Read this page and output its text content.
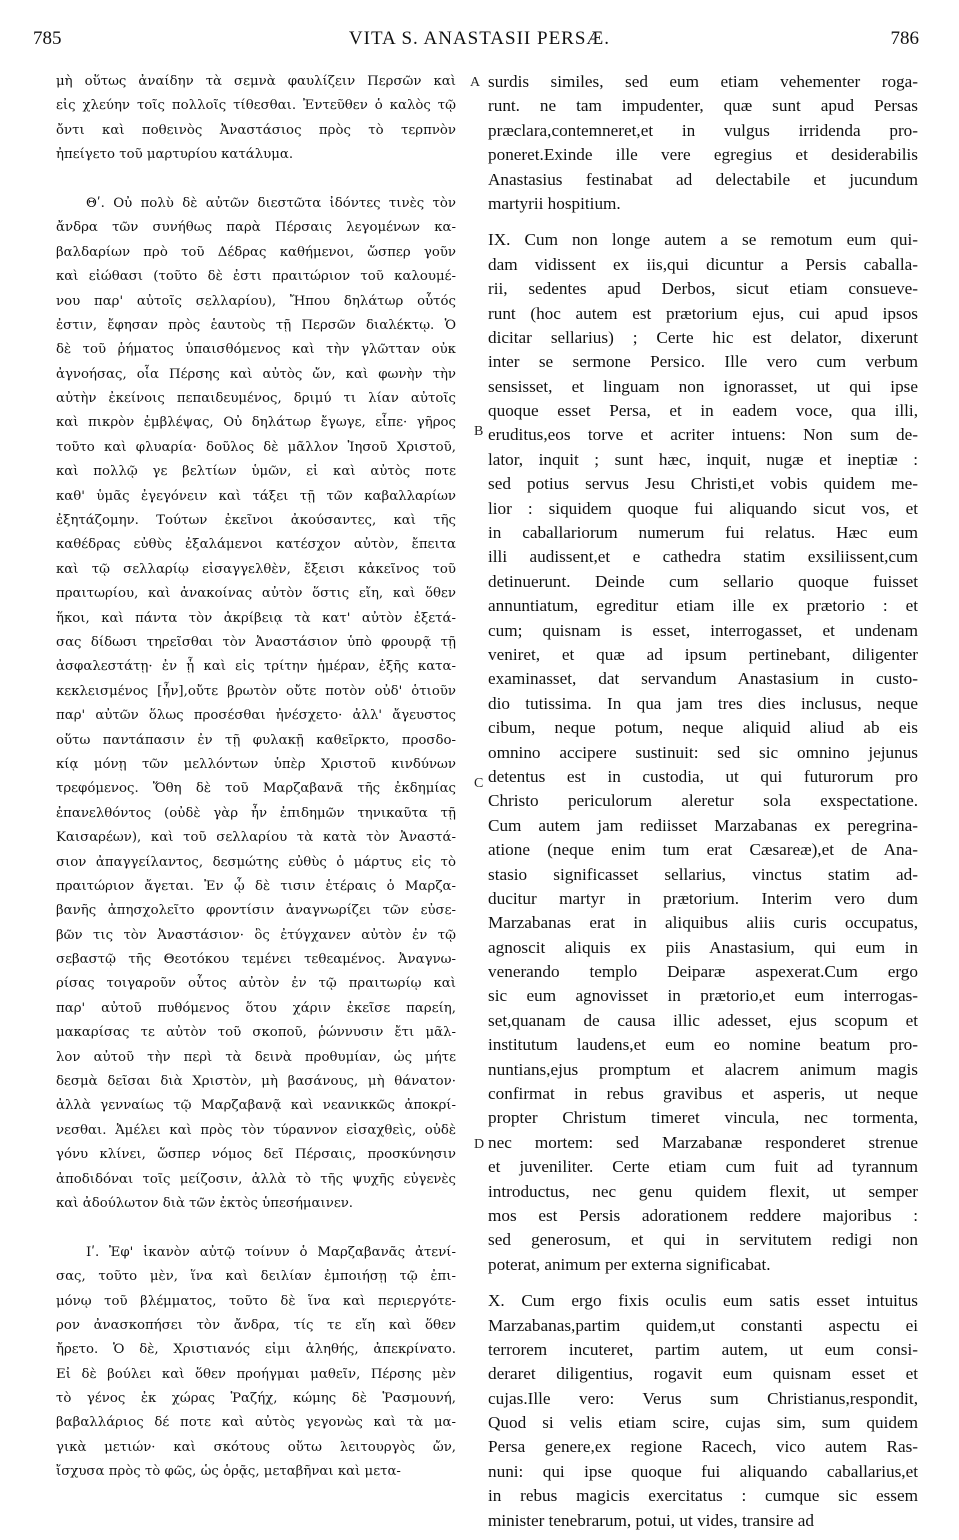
785	VITA S. ANASTASII PERSÆ.	786
A
B
C
D
μὴ οὕτως ἀναίδην τὰ σεμνὰ φαυλίζειν Περσῶν καὶ
εἰς χλεύην τοῖς πολλοῖς τίθεσθαι. Ἐντεῦθεν ὁ καλὸς τῷ
ὄντι καὶ ποθεινὸς Ἀναστάσιος πρὸς τὸ τερπνὸν
ἠπείγετο τοῦ μαρτυρίου κατάλυμα.
Θʹ. Οὐ πολὺ δὲ αὐτῶν διεστῶτα ἰδόντες τινὲς τὸν
ἄνδρα τῶν συνήθως παρὰ Πέρσαις λεγομένων κα-
βαλδαρίων πρὸ τοῦ Δέδρας καθήμενοι, ὥσπερ γοῦν
καὶ εἰώθασι (τοῦτο δὲ ἐστι πραιτώριον τοῦ καλουμέ-
νου παρ' αὐτοῖς σελλαρίου), Ἤπου δηλάτωρ οὗτός
ἐστιν, ἔφησαν πρὸς ἑαυτοὺς τῇ Περσῶν διαλέκτῳ. Ὁ
δὲ τοῦ ῥήματος ὑπαισθόμενος καὶ τὴν γλῶτταν οὐκ
ἀγνοήσας, οἷα Πέρσης καὶ αὐτὸς ὤν, καὶ φωνὴν τὴν
αὐτὴν ἐκείνοις πεπαιδευμένος, δριμύ τι λίαν αὐτοῖς
καὶ πικρὸν ἐμβλέψας, Οὐ δηλάτωρ ἔγωγε, εἶπε· γῆρος
τοῦτο καὶ φλυαρία· δοῦλος δὲ μᾶλλον Ἰησοῦ Χριστοῦ,
καὶ πολλῷ γε βελτίων ὑμῶν, εἰ καὶ αὐτὸς ποτε
καθ' ὑμᾶς ἐγεγόνειν καὶ τάξει τῇ τῶν καβαλλαρίων
ἐξητάζομην. Τούτων ἐκεῖνοι ἀκούσαντες, καὶ τῆς
καθέδρας εὐθὺς ἐξαλάμενοι κατέσχον αὐτὸν, ἔπειτα
καὶ τῷ σελλαρίῳ εἰσαγγελθὲν, ἔξεισι κἀκεῖνος τοῦ
πραιτωρίου, καὶ ἀνακοίνας αὐτὸν ὅστις εἴη, καὶ ὅθεν
ἥκοι, καὶ πάντα τὸν ἀκρίβειᾳ τὰ κατ' αὐτὸν ἐξετά-
σας δίδωσι τηρεῖσθαι τὸν Ἀναστάσιον ὑπὸ φρουρᾷ τῇ
ἀσφαλεστάτῃ· ἐν ᾗ καὶ εἰς τρίτην ἡμέραν, ἐξῆς κατα-
κεκλεισμένος [ἦν],οὔτε βρωτὸν οὔτε ποτὸν οὐδ' ὁτιοῦν
παρ' αὐτῶν ὅλως προσέσθαι ἠνέσχετο· ἀλλ' ἄγευστος
οὕτω παντάπασιν ἐν τῇ φυλακῇ καθεῖρκτο, προσδο-
κίᾳ μόνῃ τῶν μελλόντων ὑπὲρ Χριστοῦ κινδύνων
τρεφόμενος. Ὅθη δὲ τοῦ Μαρζαβανᾶ τῆς ἐκδημίας
ἐπανελθόντος (οὐδὲ γὰρ ἦν ἐπιδημῶν τηνικαῦτα τῇ
Καισαρέων), καὶ τοῦ σελλαρίου τὰ κατὰ τὸν Ἀναστά-
σιον ἀπαγγείλαντος, δεσμώτης εὐθὺς ὁ μάρτυς εἰς τὸ
πραιτώριον ἄγεται. Ἐν ᾧ δὲ τισιν ἑτέραις ὁ Μαρζα-
βανῆς ἀπησχολεῖτο φροντίσιν ἀναγνωρίζει τῶν εὐσε-
βῶν τις τὸν Ἀναστάσιον· ὃς ἐτύγχανεν αὐτὸν ἐν τῷ
σεβαστῷ τῆς Θεοτόκου τεμένει τεθεαμένος. Ἀναγνω-
ρίσας τοιγαροῦν οὗτος αὐτὸν ἐν τῷ πραιτωρίῳ καὶ
παρ' αὐτοῦ πυθόμενος ὅτου χάριν ἐκεῖσε παρείη,
μακαρίσας τε αὐτὸν τοῦ σκοποῦ, ῥώννυσιν ἔτι μᾶλ-
λον αὐτοῦ τὴν περὶ τὰ δεινὰ προθυμίαν, ὡς μήτε
δεσμὰ δεῖσαι διὰ Χριστὸν, μὴ βασάνους, μὴ θάνατον·
ἀλλὰ γενναίως τῷ Μαρζαβανᾷ καὶ νεανικκῶς ἀποκρί-
νεσθαι. Ἀμέλει καὶ πρὸς τὸν τύραννον εἰσαχθεὶς, οὐδὲ
γόνυ κλίνει, ὥσπερ νόμος δεῖ Πέρσαις, προσκύνησιν
ἀποδιδόναι τοῖς μείζοσιν, ἀλλὰ τὸ τῆς ψυχῆς εὐγενὲς
καὶ ἀδούλωτον διὰ τῶν ἐκτὸς ὑπεσήμαινεν.
Iʹ. Ἐφ' ἱκανὸν αὐτῷ τοίνυν ὁ Μαρζαβανᾶς ἀτενί-
σας, τοῦτο μὲν, ἵνα καὶ δειλίαν ἐμποιήσῃ τῷ ἐπι-
μόνῳ τοῦ βλέμματος, τοῦτο δὲ ἵνα καὶ περιεργότε-
ρον ἀνασκοπήσει τὸν ἄνδρα, τίς τε εἴη καὶ ὅθεν
ἤρετο. Ὁ δὲ, Χριστιανός εἰμι ἀληθής, ἀπεκρίνατο.
Εἰ δὲ βούλει καὶ ὅθεν προήγμαι μαθεῖν, Πέρσης μὲν
τὸ γένος ἐκ χώρας Ῥαζήχ, κώμης δὲ Ῥασμουνή,
βαβαλλάριος δέ ποτε καὶ αὐτὸς γεγονὼς καὶ τὰ μα-
γικὰ μετιών· καὶ σκότους οὕτω λειτουργὸς ὤν,
ἴσχυσα πρὸς τὸ φῶς, ὡς ὁρᾷς, μεταβῆναι καὶ μετα-
surdis similes, sed eum etiam vehementer roga-
runt. ne tam impudenter, quæ sunt apud Persas
præclara,contemneret,et in vulgus irridenda pro-
poneret.Exinde ille vere egregius et desiderabilis
Anastasius festinabat ad delectabile et jucundum
martyrii hospitium.
IX. Cum non longe autem a se remotum eum qui-
dam vidissent ex iis,qui dicuntur a Persis caballa-
rii, sedentes apud Derbos, sicut etiam consueve-
runt (hoc autem est prætorium ejus, cui apud ipsos
dicitar sellarius) ; Certe hic est delator, dixerunt
inter se sermone Persico. Ille vero cum verbum
sensisset, et linguam non ignorasset, ut qui ipse
quoque esset Persa, et in eadem voce, qua illi,
eruditus,eos torve et acriter intuens: Non sum de-
lator, inquit ; sunt hæc, inquit, nugæ et ineptiæ :
sed potius servus Jesu Christi,et vobis quidem me-
lior : siquidem quoque fui aliquando sicut vos, et
in caballariorum numerum fui relatus. Hæc eum
illi audissent,et e cathedra statim exsiliissent,cum
detinuerunt. Deinde cum sellario quoque fuisset
annuntiatum, egreditur etiam ille ex prætorio : et
cum; quisnam is esset, interrogasset, et undenam
veniret, et quæ ad ipsum pertinebant, diligenter
examinasset, dat servandum Anastasium in custo-
dio tutissima. In qua jam tres dies inclusus, neque
cibum, neque potum, neque aliquid aliud ab eis
omnino accipere sustinuit: sed sic omnino jejunus
detentus est in custodia, ut qui futurorum pro
Christo periculorum aleretur sola exspectatione.
Cum autem jam rediisset Marzabanas ex peregrina-
atione (neque enim tum erat Cæsareæ),et de Ana-
stasio significasset sellarius, vinctus statim ad-
ducitur martyr in prætorium. Interim vero dum
Marzabanas erat in aliquibus aliis curis occupatus,
agnoscit aliquis ex piis Anastasium, qui eum in
venerando templo Deiparæ aspexerat.Cum ergo
sic eum agnovisset in prætorio,et eum interrogas-
set,quanam de causa illic adesset, ejus scopum et
institutum laudens,et eum eo nomine beatum pro-
nuntians,ejus promptum et alacrem animum magis
confirmat in rebus gravibus et asperis, ut neque
propter Christum timeret vincula, nec tormenta,
nec mortem: sed Marzabanæ responderet strenue
et juveniliter. Certe etiam cum fuit ad tyrannum
introductus, nec genu quidem flexit, ut semper
mos est Persis adorationem reddere majoribus :
sed generosum, et qui in servitutem redigi non
poterat, animum per externa significabat.
X. Cum ergo fixis oculis eum satis esset intuitus
Marzabanas,partim quidem,ut constanti aspectu ei
terrorem incuteret, partim autem, ut eum consi-
deraret diligentius, rogavit eum quisnam esset et
cujas.Ille vero: Verus sum Christianus,respondit,
Quod si velis etiam scire, cujas sim, sum quidem
Persa genere,ex regione Racech, vico autem Ras-
nuni: qui ipse quoque fui aliquando caballarius,et
in rebus magicis exercitatus : cumque sic essem
minister tenebrarum, potui, ut vides, transire ad
